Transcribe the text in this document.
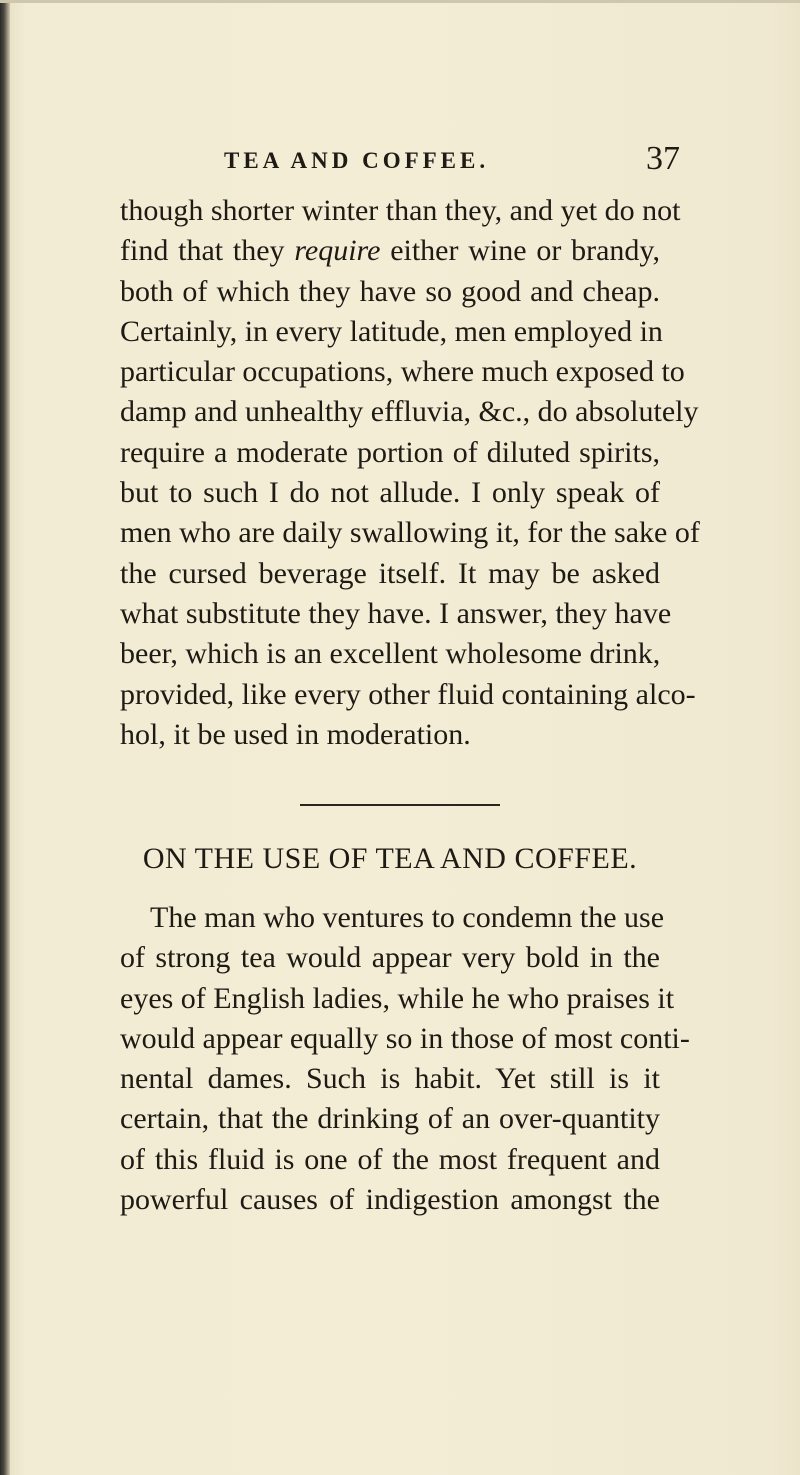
TEA AND COFFEE.	37
though shorter winter than they, and yet do not
find that they require either wine or brandy,
both of which they have so good and cheap.
Certainly, in every latitude, men employed in
particular occupations, where much exposed to
damp and unhealthy effluvia, &c., do absolutely
require a moderate portion of diluted spirits,
but to such I do not allude. I only speak of
men who are daily swallowing it, for the sake of
the cursed beverage itself. It may be asked
what substitute they have. I answer, they have
beer, which is an excellent wholesome drink,
provided, like every other fluid containing alco-
hol, it be used in moderation.
ON THE USE OF TEA AND COFFEE.
The man who ventures to condemn the use
of strong tea would appear very bold in the
eyes of English ladies, while he who praises it
would appear equally so in those of most conti-
nental dames. Such is habit. Yet still is it
certain, that the drinking of an over-quantity
of this fluid is one of the most frequent and
powerful causes of indigestion amongst the
